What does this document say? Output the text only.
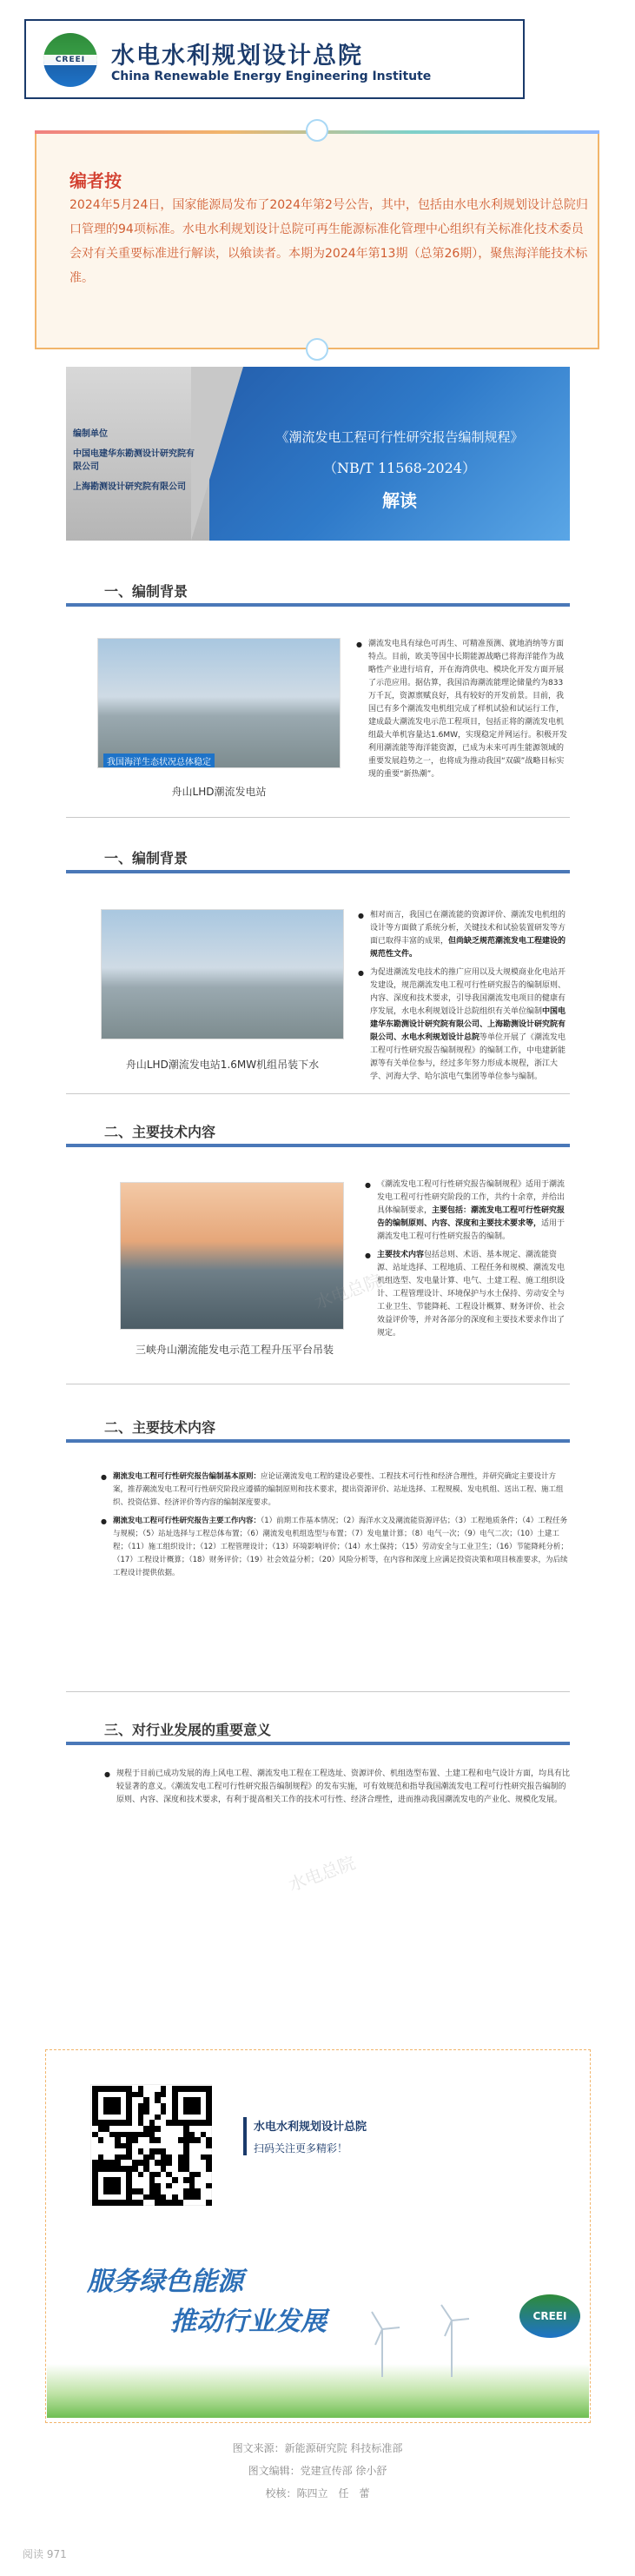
CREEI	水电水利规划设计总院
China Renewable Energy Engineering Institute
编者按
2024年5月24日，国家能源局发布了2024年第2号公告，其中，包括由水电水利规划设计总院归口管理的94项标准。水电水利规划设计总院可再生能源标准化管理中心组织有关标准化技术委员会对有关重要标准进行解读，以飨读者。本期为2024年第13期（总第26期），聚焦海洋能技术标准。
编制单位
中国电建华东勘测设计研究院有限公司
上海勘测设计研究院有限公司
《潮流发电工程可行性研究报告编制规程》
（NB/T 11568-2024）
解读
一、编制背景
我国海洋生态状况总体稳定
舟山LHD潮流发电站

● 潮流发电具有绿色可再生、可精准预测、就地消纳等方面特点。目前，欧美等国中长期能源战略已将海洋能作为战略性产业进行培育，开在海湾供电、模块化开发方面开展了示范应用。据估算，我国沿海潮流能理论储量约为833万千瓦，资源禀赋良好，具有较好的开发前景。目前，我国已有多个潮流发电机组完成了样机试验和试运行工作，建成最大潮流发电示范工程项目，包括正将的潮流发电机组最大单机容量达1.6MW，实现稳定并网运行。积极开发利用潮流能等海洋能资源，已成为未来可再生能源领域的重要发展趋势之一，也将成为推动我国“双碳”战略目标实现的重要“新热潮”。

一、编制背景
舟山LHD潮流发电站1.6MW机组吊装下水

● 相对而言，我国已在潮流能的资源评价、潮流发电机组的设计等方面做了系统分析，关键技术和试验装置研发等方面已取得丰富的成果，但尚缺乏规范潮流发电工程建设的规范性文件。

● 为促进潮流发电技术的推广应用以及大规模商业化电站开发建设，规范潮流发电工程可行性研究报告的编制原则、内容、深度和技术要求，引导我国潮流发电项目的健康有序发展，水电水利规划设计总院组织有关单位编制中国电建华东勘测设计研究院有限公司、上海勘测设计研究院有限公司、水电水利规划设计总院等单位开展了《潮流发电工程可行性研究报告编制规程》的编制工作，中电建新能源等有关单位参与，经过多年努力形成本规程，浙江大学、河海大学、哈尔滨电气集团等单位参与编制。

二、主要技术内容
三峡舟山潮流能发电示范工程升压平台吊装

● 《潮流发电工程可行性研究报告编制规程》适用于潮流发电工程可行性研究阶段的工作，共约十余章，并给出具体编制要求，主要包括：潮流发电工程可行性研究报告的编制原则、内容、深度和主要技术要求等，适用于潮流发电工程可行性研究报告的编制。

● 主要技术内容包括总则、术语、基本规定、潮流能资源、站址选择、工程地质、工程任务和规模、潮流发电机组选型、发电量计算、电气、土建工程、施工组织设计、工程管理设计、环境保护与水土保持、劳动安全与工业卫生、节能降耗、工程设计概算、财务评价、社会效益评价等，并对各部分的深度和主要技术要求作出了规定。

水电总院
二、主要技术内容

● 潮流发电工程可行性研究报告编制基本原则：应论证潮流发电工程的建设必要性、工程技术可行性和经济合理性，并研究确定主要设计方案，推荐潮流发电工程可行性研究阶段应遵循的编制原则和技术要求，提出资源评价、站址选择、工程规模、发电机组、送出工程、施工组织、投资估算、经济评价等内容的编制深度要求。

● 潮流发电工程可行性研究报告主要工作内容：（1）前期工作基本情况；（2）海洋水文及潮流能资源评估；（3）工程地质条件；（4）工程任务与规模；（5）站址选择与工程总体布置；（6）潮流发电机组选型与布置；（7）发电量计算；（8）电气一次；（9）电气二次；（10）土建工程；（11）施工组织设计；（12）工程管理设计；（13）环境影响评价；（14）水土保持；（15）劳动安全与工业卫生；（16）节能降耗分析；（17）工程设计概算；（18）财务评价；（19）社会效益分析；（20）风险分析等，在内容和深度上应满足投资决策和项目核准要求，为后续工程设计提供依据。

三、对行业发展的重要意义

● 规程于目前已成功发展的海上风电工程、潮流发电工程在工程选址、资源评价、机组选型布置、土建工程和电气设计方面，均具有比较显著的意义。《潮流发电工程可行性研究报告编制规程》的发布实施，可有效规范和指导我国潮流发电工程可行性研究报告编制的原则、内容、深度和技术要求，有利于提高相关工作的技术可行性、经济合理性，进而推动我国潮流发电的产业化、规模化发展。

水电总院
水电水利规划设计总院
扫码关注更多精彩！
服务绿色能源
推动行业发展	CREEI
图文来源：新能源研究院 科技标准部
图文编辑：党建宣传部 徐小舒
校核：陈四立　任　蕾
阅读 971
